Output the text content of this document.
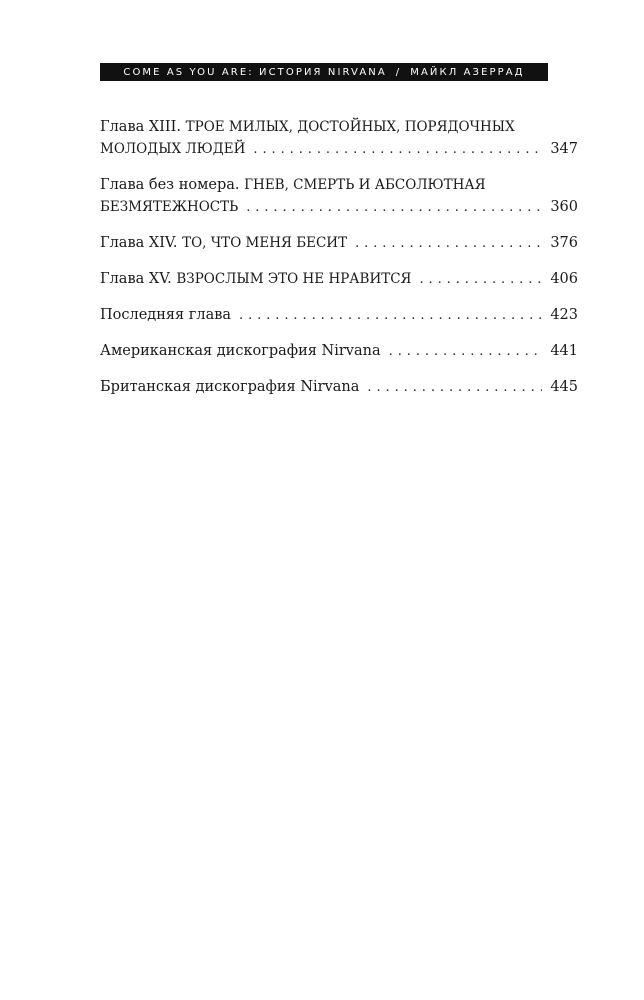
COME AS YOU ARE: ИСТОРИЯ NIRVANA / МАЙКЛ АЗЕРРАД
Глава XIII. ТРОЕ МИЛЫХ, ДОСТОЙНЫХ, ПОРЯДОЧНЫХ
МОЛОДЫХ ЛЮДЕЙ . . .	347
Глава без номера. ГНЕВ, СМЕРТЬ И АБСОЛЮТНАЯ
БЕЗМЯТЕЖНОСТЬ . . .	360
Глава XIV. ТО, ЧТО МЕНЯ БЕСИТ . . .	376
Глава XV. ВЗРОСЛЫМ ЭТО НЕ НРАВИТСЯ . . .	406
Последняя глава . . .	423
Американская дискография Nirvana . . .	441
Британская дискография Nirvana . . .	445
